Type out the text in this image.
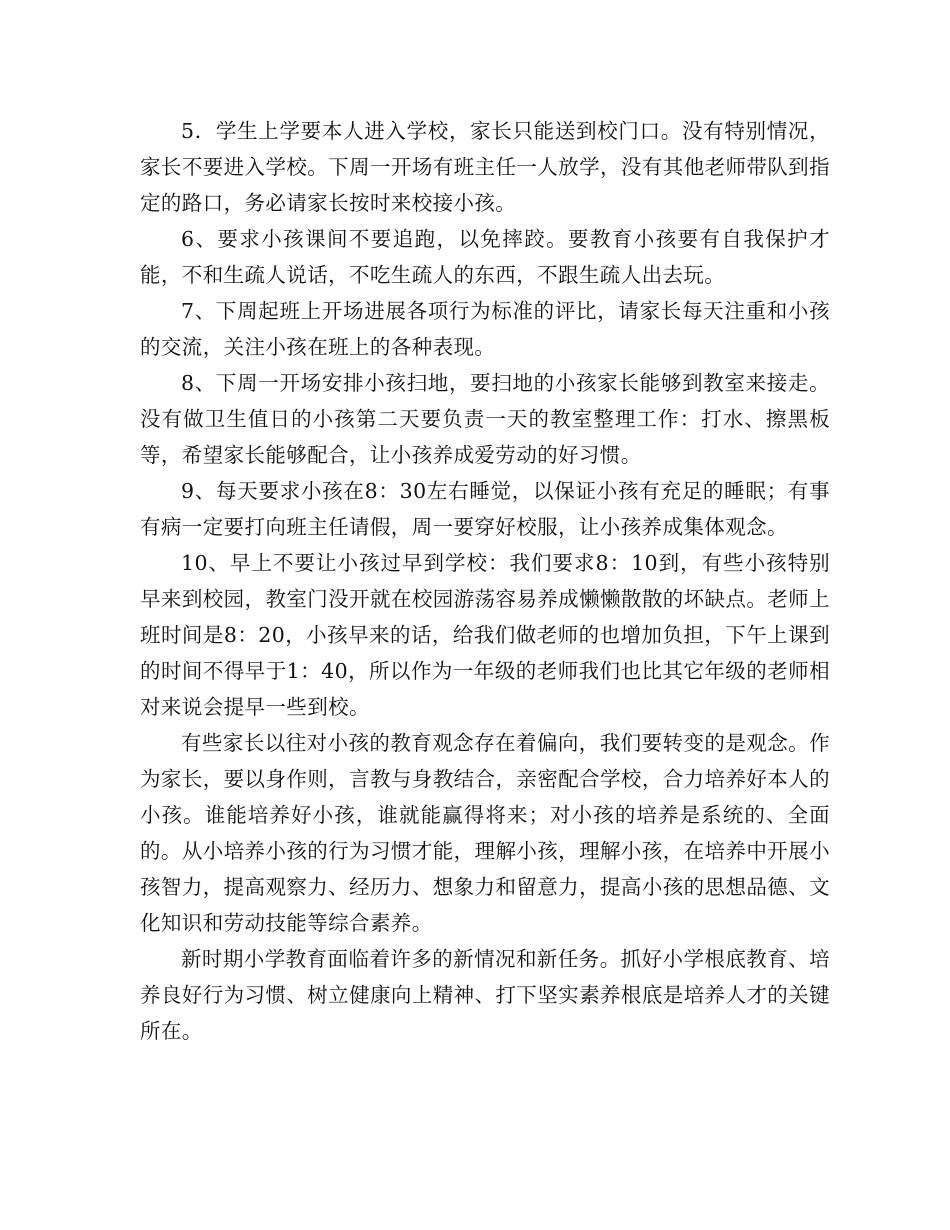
5．学生上学要本人进入学校，家长只能送到校门口。没有特别情况，家长不要进入学校。下周一开场有班主任一人放学，没有其他老师带队到指定的路口，务必请家长按时来校接小孩。

6、要求小孩课间不要追跑，以免摔跤。要教育小孩要有自我保护才能，不和生疏人说话，不吃生疏人的东西，不跟生疏人出去玩。

7、下周起班上开场进展各项行为标准的评比，请家长每天注重和小孩的交流，关注小孩在班上的各种表现。

8、下周一开场安排小孩扫地，要扫地的小孩家长能够到教室来接走。没有做卫生值日的小孩第二天要负责一天的教室整理工作：打水、擦黑板等，希望家长能够配合，让小孩养成爱劳动的好习惯。

9、每天要求小孩在8：30左右睡觉，以保证小孩有充足的睡眠；有事有病一定要打向班主任请假，周一要穿好校服，让小孩养成集体观念。

10、早上不要让小孩过早到学校：我们要求8：10到，有些小孩特别早来到校园，教室门没开就在校园游荡容易养成懒懒散散的坏缺点。老师上班时间是8：20，小孩早来的话，给我们做老师的也增加负担，下午上课到的时间不得早于1：40，所以作为一年级的老师我们也比其它年级的老师相对来说会提早一些到校。

有些家长以往对小孩的教育观念存在着偏向，我们要转变的是观念。作为家长，要以身作则，言教与身教结合，亲密配合学校，合力培养好本人的小孩。谁能培养好小孩，谁就能赢得将来；对小孩的培养是系统的、全面的。从小培养小孩的行为习惯才能，理解小孩，理解小孩，在培养中开展小孩智力，提高观察力、经历力、想象力和留意力，提高小孩的思想品德、文化知识和劳动技能等综合素养。

新时期小学教育面临着许多的新情况和新任务。抓好小学根底教育、培养良好行为习惯、树立健康向上精神、打下坚实素养根底是培养人才的关键所在。
